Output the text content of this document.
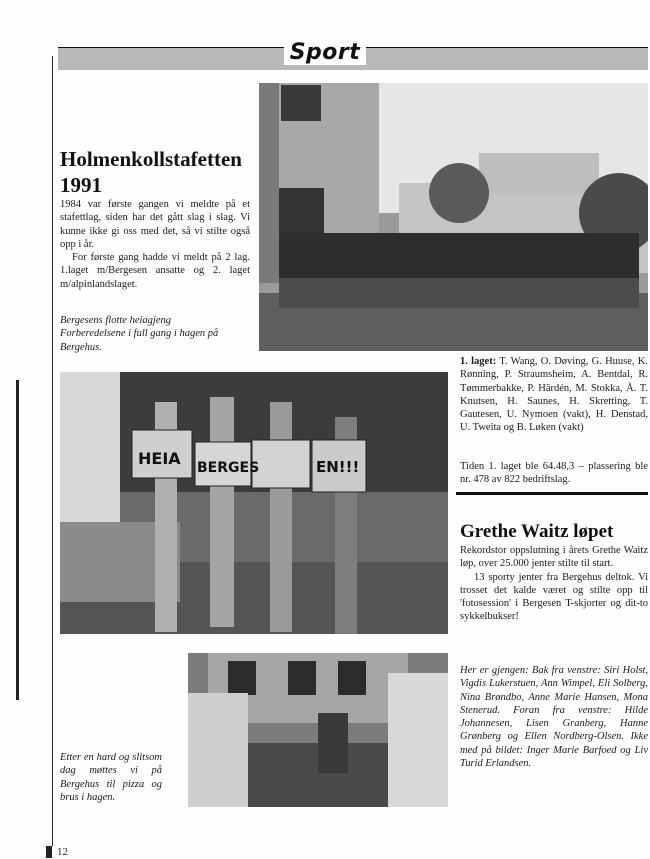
Sport
Holmenkollstafetten
1991

1984 var første gangen vi meldte på et stafettlag, siden har det gått slag i slag. Vi kunne ikke gi oss med det, så vi stilte også opp i år.

For første gang hadde vi meldt på 2 lag. 1.laget m/Bergesen ansatte og 2. laget m/alpinlandslaget.

Bergesens flotte heiagjeng Forberedelsene i full gang i hagen på Bergehus.
1. laget: T. Wang, O. Døving, G. Huuse, K. Rønning, P. Straumsheim, A. Bentdal, R. Tømmerbakke, P. Härdén, M. Stokka, Å. T. Knutsen, H. Saunes, H. Skretting, T. Gautesen, U. Nymoen (vakt), H. Denstad, U. Tweita og B. Løken (vakt)
Tiden 1. laget ble 64.48,3 – plassering ble nr. 478 av 822 bedriftslag.
HEIA BERGES	EN!!!
Grethe Waitz løpet

Rekordstor oppslutning i årets Grethe Waitz løp, over 25.000 jenter stilte til start.

13 sporty jenter fra Bergehus deltok. Vi trosset det kalde været og stilte opp til 'fotosession' i Bergesen T-skjorter og dit-to sykkelbukser!

Her er gjengen: Bak fra venstre: Siri Holst, Vigdis Lukerstuen, Ann Wimpel, Eli Solberg, Nina Brøndbo, Anne Marie Hansen, Mona Stenerud. Foran fra venstre: Hilde Johannesen, Lisen Granberg, Hanne Grønberg og Ellen Nordberg-Olsen. Ikke med på bildet: Inger Marie Barfoed og Liv Turid Erlandsen.
Etter en hard og slitsom dag møttes vi på Bergehus til pizza og brus i hagen.
12
